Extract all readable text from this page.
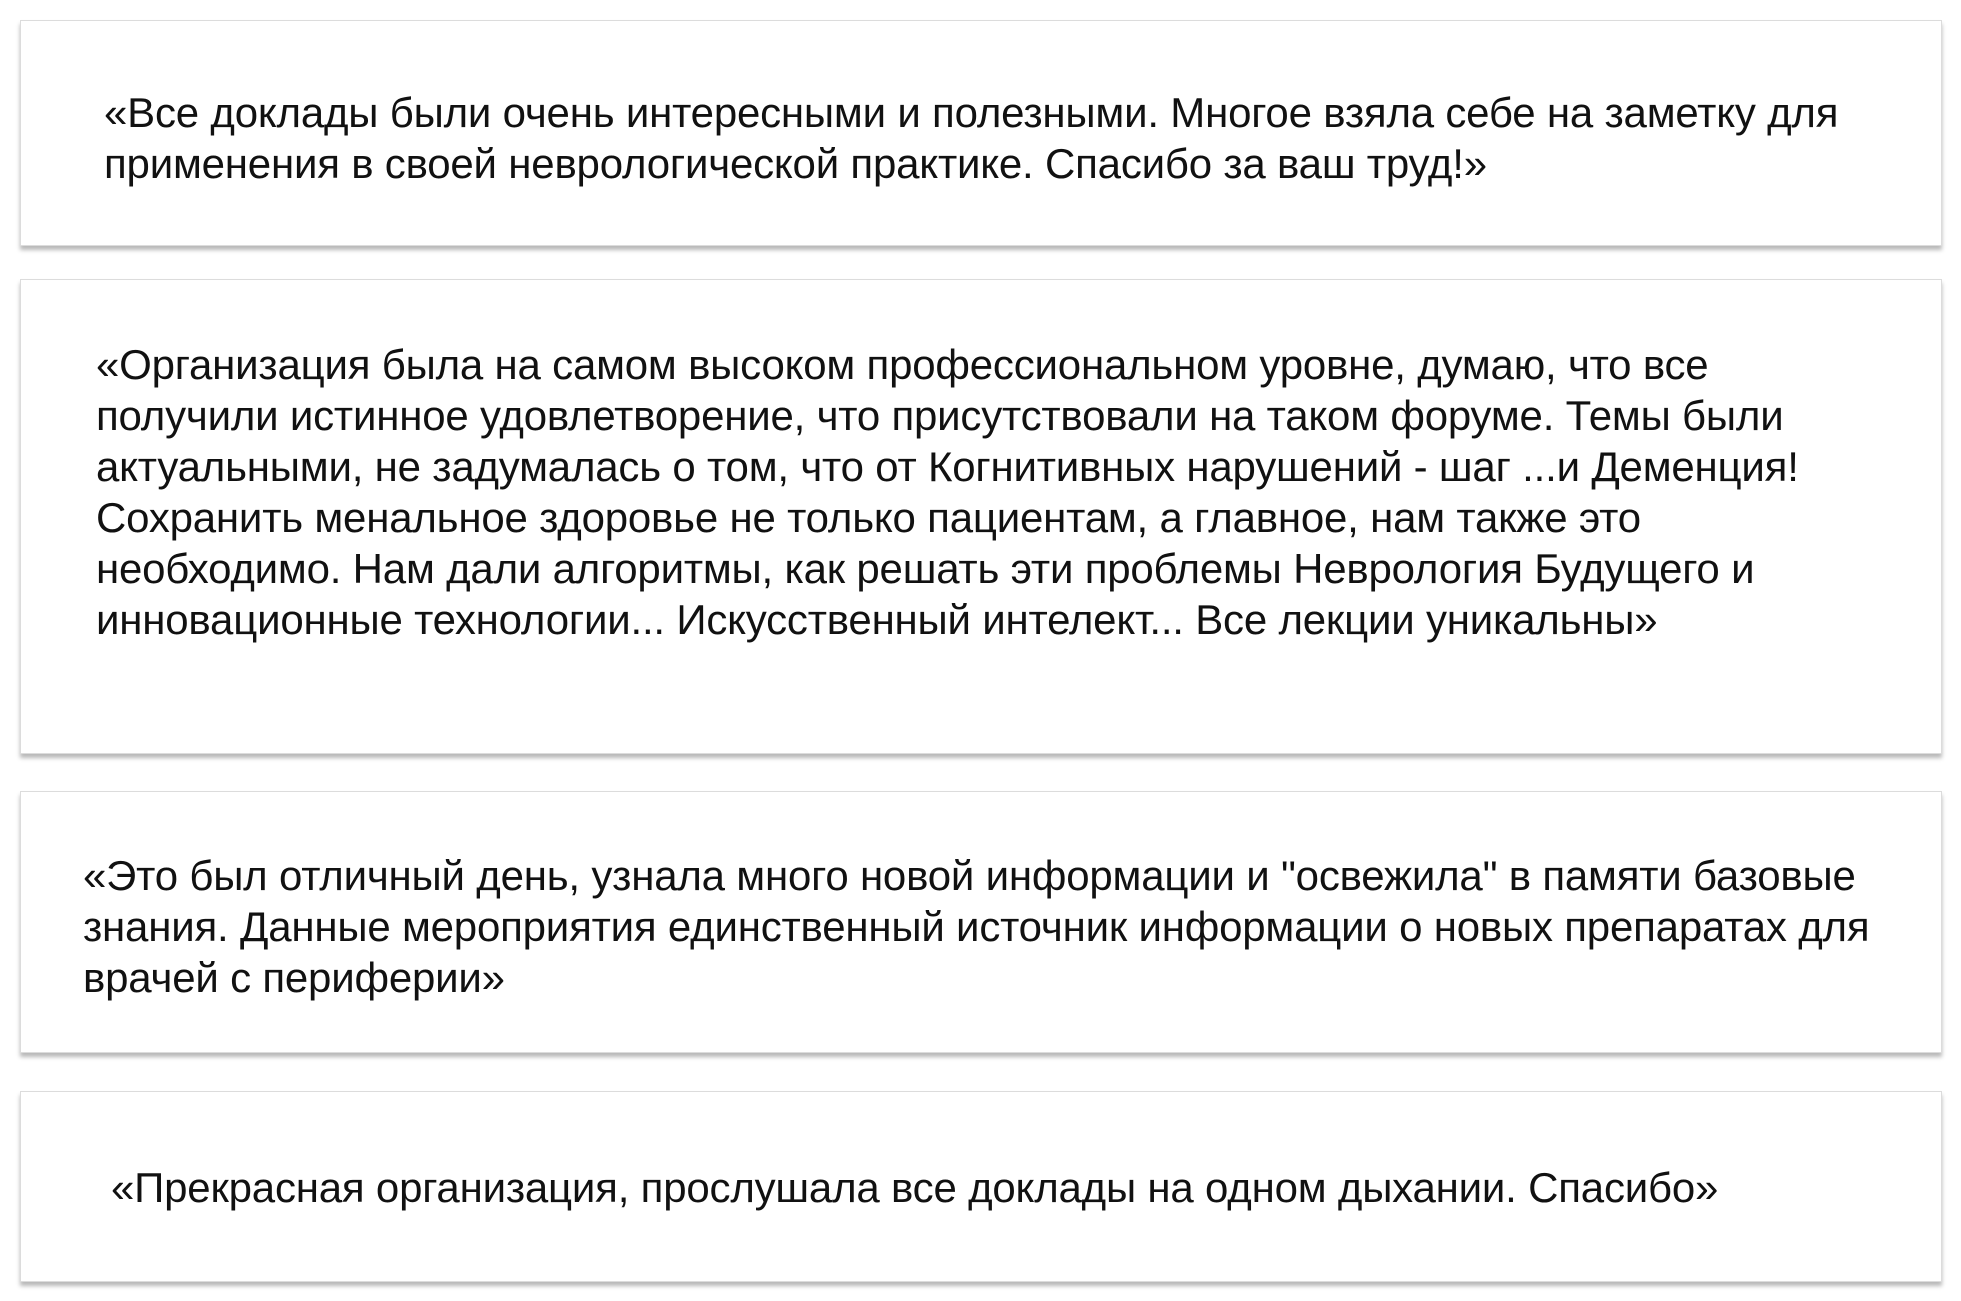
«Все доклады были очень интересными и полезными. Многое взяла себе на заметку для применения в своей неврологической практике. Спасибо за ваш труд!»

«Организация была на самом высоком профессиональном уровне, думаю, что все получили истинное удовлетворение, что присутствовали на таком форуме. Темы были актуальными, не задумалась о том, что от Когнитивных нарушений - шаг ...и Деменция! Сохранить менальное здоровье не только пациентам, а главное, нам также это необходимо. Нам дали алгоритмы, как решать эти проблемы Неврология Будущего и инновационные технологии... Искусственный интелект... Все лекции уникальны»

«Это был отличный день, узнала много новой информации и "освежила" в памяти базовые знания. Данные мероприятия единственный источник информации о новых препаратах для врачей с периферии»

«Прекрасная организация, прослушала все доклады на одном дыхании. Спасибо»
